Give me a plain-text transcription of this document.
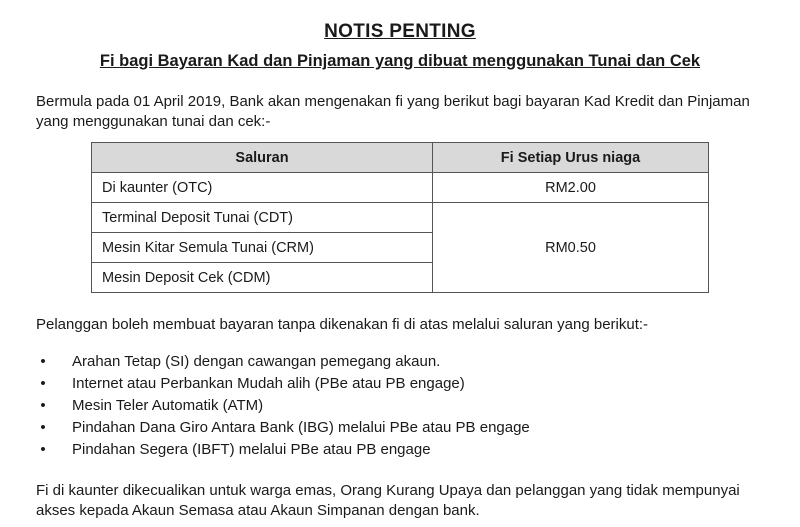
NOTIS PENTING
Fi bagi Bayaran Kad dan Pinjaman yang dibuat menggunakan Tunai dan Cek
Bermula pada 01 April 2019, Bank akan mengenakan fi yang berikut bagi bayaran Kad Kredit dan Pinjaman yang menggunakan tunai dan cek:-
Saluran	Fi Setiap Urus niaga
Di kaunter (OTC)	RM2.00
Terminal Deposit Tunai (CDT)	RM0.50
Mesin Kitar Semula Tunai (CRM)	
Mesin Deposit Cek (CDM)	
Pelanggan boleh membuat bayaran tanpa dikenakan fi di atas melalui saluran yang berikut:-
• Arahan Tetap (SI) dengan cawangan pemegang akaun.
• Internet atau Perbankan Mudah alih (PBe atau PB engage)
• Mesin Teler Automatik (ATM)
• Pindahan Dana Giro Antara Bank (IBG) melalui PBe atau PB engage
• Pindahan Segera (IBFT) melalui PBe atau PB engage
Fi di kaunter dikecualikan untuk warga emas, Orang Kurang Upaya dan pelanggan yang tidak mempunyai akses kepada Akaun Semasa atau Akaun Simpanan dengan bank.
